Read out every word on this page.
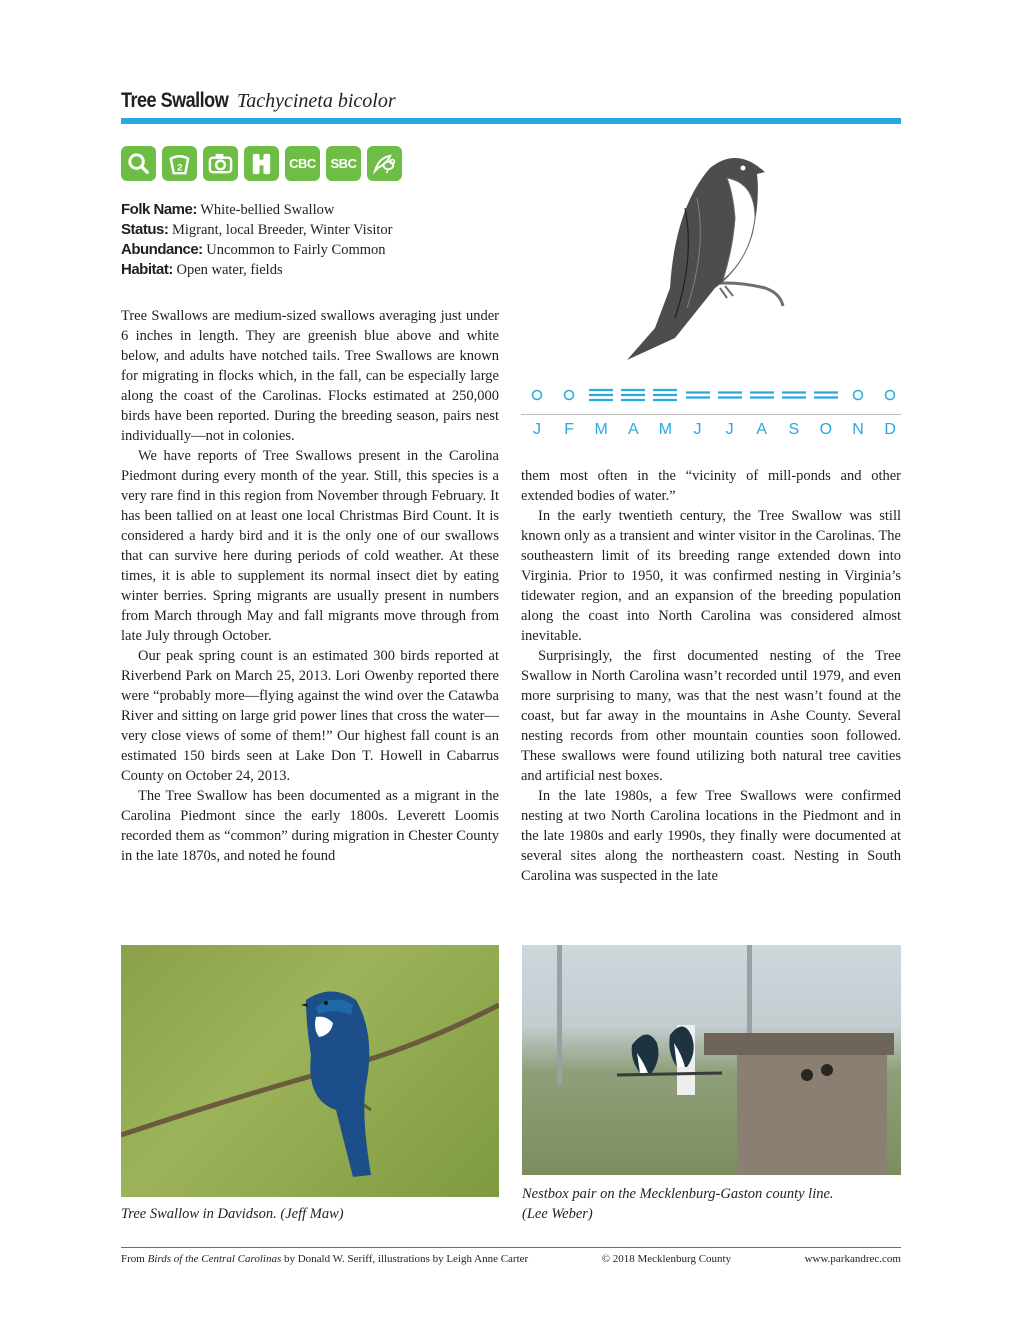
Tree Swallow Tachycineta bicolor
2	CBC	SBC
Folk Name: White-bellied Swallow
Status: Migrant, local Breeder, Winter Visitor
Abundance: Uncommon to Fairly Common
Habitat: Open water, fields
J	F	M	A	M	J	J	A	S	O	N	D

Tree Swallows are medium-sized swallows averaging just under 6 inches in length. They are greenish blue above and white below, and adults have notched tails. Tree Swallows are known for migrating in flocks which, in the fall, can be especially large along the coast of the Carolinas. Flocks estimated at 250,000 birds have been reported. During the breeding season, pairs nest individually—not in colonies.

We have reports of Tree Swallows present in the Carolina Piedmont during every month of the year. Still, this species is a very rare find in this region from November through February. It has been tallied on at least one local Christmas Bird Count. It is considered a hardy bird and it is the only one of our swallows that can survive here during periods of cold weather. At these times, it is able to supplement its normal insect diet by eating winter berries. Spring migrants are usually present in numbers from March through May and fall migrants move through from late July through October.

Our peak spring count is an estimated 300 birds reported at Riverbend Park on March 25, 2013. Lori Owenby reported there were “probably more—flying against the wind over the Catawba River and sitting on large grid power lines that cross the water—very close views of some of them!” Our highest fall count is an estimated 150 birds seen at Lake Don T. Howell in Cabarrus County on October 24, 2013.

The Tree Swallow has been documented as a migrant in the Carolina Piedmont since the early 1800s. Leverett Loomis recorded them as “common” during migration in Chester County in the late 1870s, and noted he found

them most often in the “vicinity of mill-ponds and other extended bodies of water.”

In the early twentieth century, the Tree Swallow was still known only as a transient and winter visitor in the Carolinas. The southeastern limit of its breeding range extended down into Virginia. Prior to 1950, it was confirmed nesting in Virginia’s tidewater region, and an expansion of the breeding population along the coast into North Carolina was considered almost inevitable.

Surprisingly, the first documented nesting of the Tree Swallow in North Carolina wasn’t recorded until 1979, and even more surprising to many, was that the nest wasn’t found at the coast, but far away in the mountains in Ashe County. Several nesting records from other mountain counties soon followed. These swallows were found utilizing both natural tree cavities and artificial nest boxes.

In the late 1980s, a few Tree Swallows were confirmed nesting at two North Carolina locations in the Piedmont and in the late 1980s and early 1990s, they finally were documented at several sites along the northeastern coast. Nesting in South Carolina was suspected in the late

Tree Swallow in Davidson. (Jeff Maw)
Nestbox pair on the Mecklenburg-Gaston county line.
(Lee Weber)
From Birds of the Central Carolinas by Donald W. Seriff, illustrations by Leigh Anne Carter	© 2018 Mecklenburg County	www.parkandrec.com
